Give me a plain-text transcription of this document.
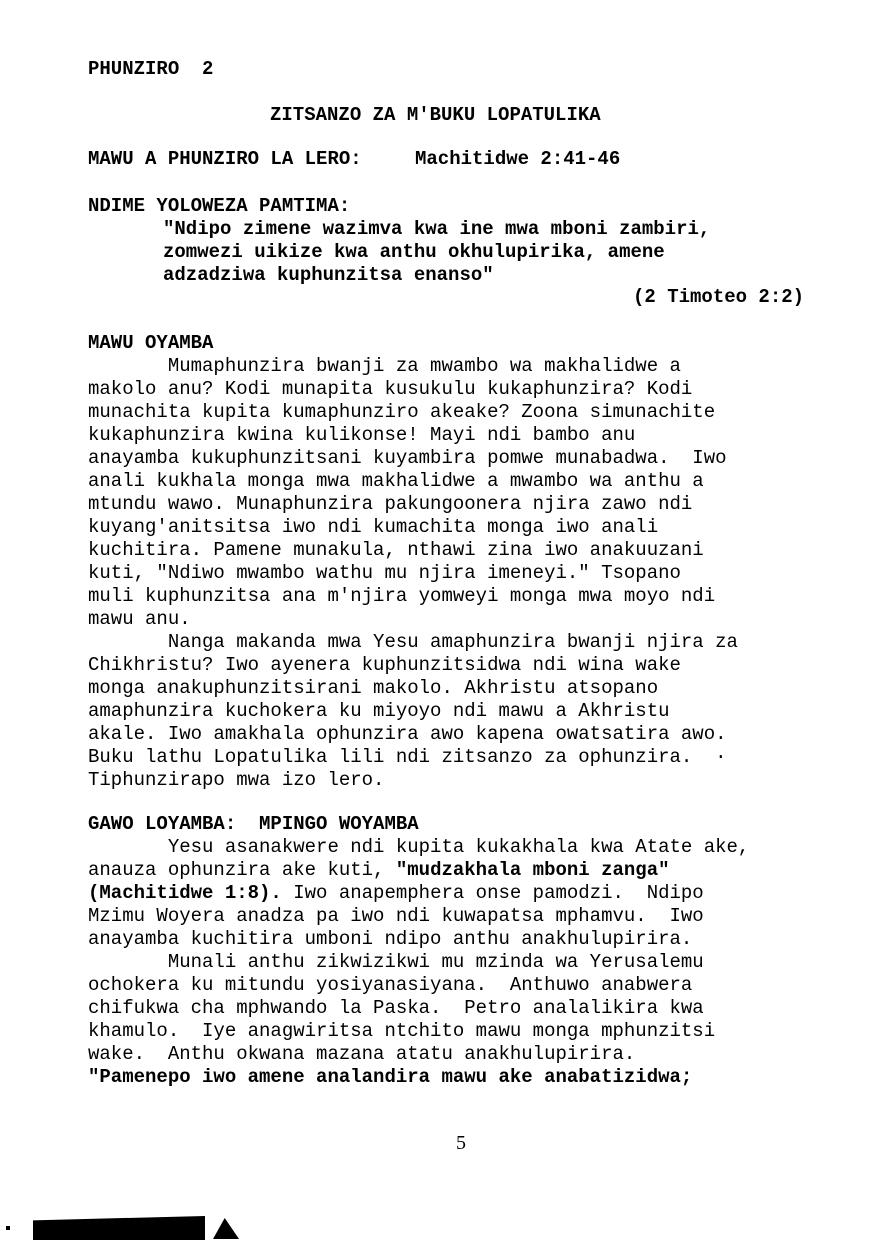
PHUNZIRO  2
ZITSANZO ZA M'BUKU LOPATULIKA
MAWU A PHUNZIRO LA LERO:	Machitidwe 2:41-46
NDIME YOLOWEZA PAMTIMA:
"Ndipo zimene wazimva kwa ine mwa mboni zambiri,
zomwezi uikize kwa anthu okhulupirika, amene
adzadziwa kuphunzitsa enanso"
(2 Timoteo 2:2)
MAWU OYAMBA
Mumaphunzira bwanji za mwambo wa makhalidwe a
makolo anu? Kodi munapita kusukulu kukaphunzira? Kodi
munachita kupita kumaphunziro akeake? Zoona simunachite
kukaphunzira kwina kulikonse! Mayi ndi bambo anu
anayamba kukuphunzitsani kuyambira pomwe munabadwa.  Iwo
anali kukhala monga mwa makhalidwe a mwambo wa anthu a
mtundu wawo. Munaphunzira pakungoonera njira zawo ndi
kuyang'anitsitsa iwo ndi kumachita monga iwo anali
kuchitira. Pamene munakula, nthawi zina iwo anakuuzani
kuti, "Ndiwo mwambo wathu mu njira imeneyi." Tsopano
muli kuphunzitsa ana m'njira yomweyi monga mwa moyo ndi
mawu anu.
Nanga makanda mwa Yesu amaphunzira bwanji njira za
Chikhristu? Iwo ayenera kuphunzitsidwa ndi wina wake
monga anakuphunzitsirani makolo. Akhristu atsopano
amaphunzira kuchokera ku miyoyo ndi mawu a Akhristu
akale. Iwo amakhala ophunzira awo kapena owatsatira awo.
Buku lathu Lopatulika lili ndi zitsanzo za ophunzira.  ·
Tiphunzirapo mwa izo lero.
GAWO LOYAMBA:  MPINGO WOYAMBA
Yesu asanakwere ndi kupita kukakhala kwa Atate ake,
anauza ophunzira ake kuti, "mudzakhala mboni zanga"
(Machitidwe 1:8). Iwo anapemphera onse pamodzi.  Ndipo
Mzimu Woyera anadza pa iwo ndi kuwapatsa mphamvu.  Iwo
anayamba kuchitira umboni ndipo anthu anakhulupirira.
Munali anthu zikwizikwi mu mzinda wa Yerusalemu
ochokera ku mitundu yosiyanasiyana.  Anthuwo anabwera
chifukwa cha mphwando la Paska.  Petro analalikira kwa
khamulo.  Iye anagwiritsa ntchito mawu monga mphunzitsi
wake.  Anthu okwana mazana atatu anakhulupirira.
"Pamenepo iwo amene analandira mawu ake anabatizidwa;
5
